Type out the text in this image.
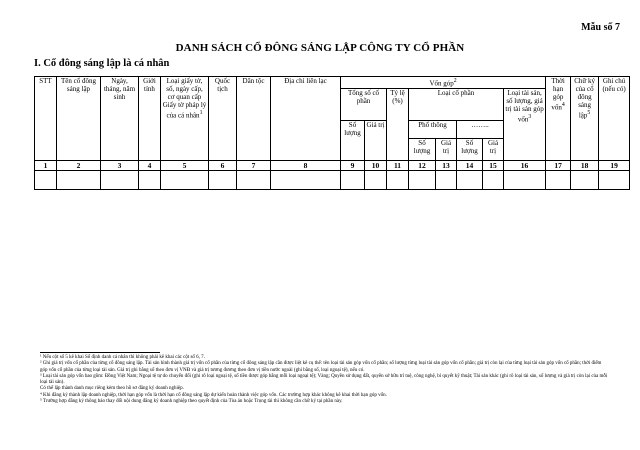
Mẫu số 7
DANH SÁCH CỔ ĐÔNG SÁNG LẬP CÔNG TY CỔ PHẦN
I. Cổ đông sáng lập là cá nhân
STT	Tên cổ đông sáng lập	Ngày, tháng, năm sinh	Giới tính	Loại giấy tờ, số, ngày cấp, cơ quan cấp Giấy tờ pháp lý của cá nhân$^1$	Quốc tịch	Dân tộc	Địa chỉ liên lạc	Vốn góp$^2$								Thời hạn góp vốn$^4$	Chữ ký của cổ đông sáng lập$^5$	Ghi chú (nếu có)
								Tổng số cổ phần		Tỷ lệ (%)	Loại cổ phần				Loại tài sản, số lượng, giá trị tài sản góp vốn$^3$
								Số lượng	Giá trị		Phổ thông		……..					
											Số lượng	Giá trị	Số lượng	Giá trị				
1	2	3	4	5	6	7	8	9	10	11	12	13	14	15	16	17	18	19

¹ Nếu cột số 5 kê khai Số định danh cá nhân thì không phải kê khai các cột số 6, 7.

² Ghi giá trị vốn cổ phần của từng cổ đông sáng lập. Tài sản hình thành giá trị vốn cổ phần của từng cổ đông sáng lập cần được liệt kê cụ thể: tên loại tài sản góp vốn cổ phần; số lượng từng loại tài sản góp vốn cổ phần; giá trị còn lại của từng loại tài sản góp vốn cổ phần; thời điểm góp vốn cổ phần của từng loại tài sản. Giá trị ghi bằng số theo đơn vị VNĐ và giá trị tương đương theo đơn vị tiền nước ngoài (ghi bằng số, loại ngoại tệ), nếu có.

³ Loại tài sản góp vốn bao gồm: Đồng Việt Nam; Ngoại tệ tự do chuyển đổi (ghi rõ loại ngoại tệ, số tiền được góp bằng mỗi loại ngoại tệ); Vàng; Quyền sử dụng đất, quyền sở hữu trí tuệ, công nghệ, bí quyết kỹ thuật; Tài sản khác (ghi rõ loại tài sản, số lượng và giá trị còn lại của mỗi loại tài sản).

Có thể lập thành danh mục riêng kèm theo hồ sơ đăng ký doanh nghiệp.

⁴ Khi đăng ký thành lập doanh nghiệp, thời hạn góp vốn là thời hạn cổ đông sáng lập dự kiến hoàn thành việc góp vốn. Các trường hợp khác không kê khai thời hạn góp vốn.

⁵ Trường hợp đăng ký thông báo thay đổi nội dung đăng ký doanh nghiệp theo quyết định của Tòa án hoặc Trọng tài thì không cần chữ ký tại phần này.
